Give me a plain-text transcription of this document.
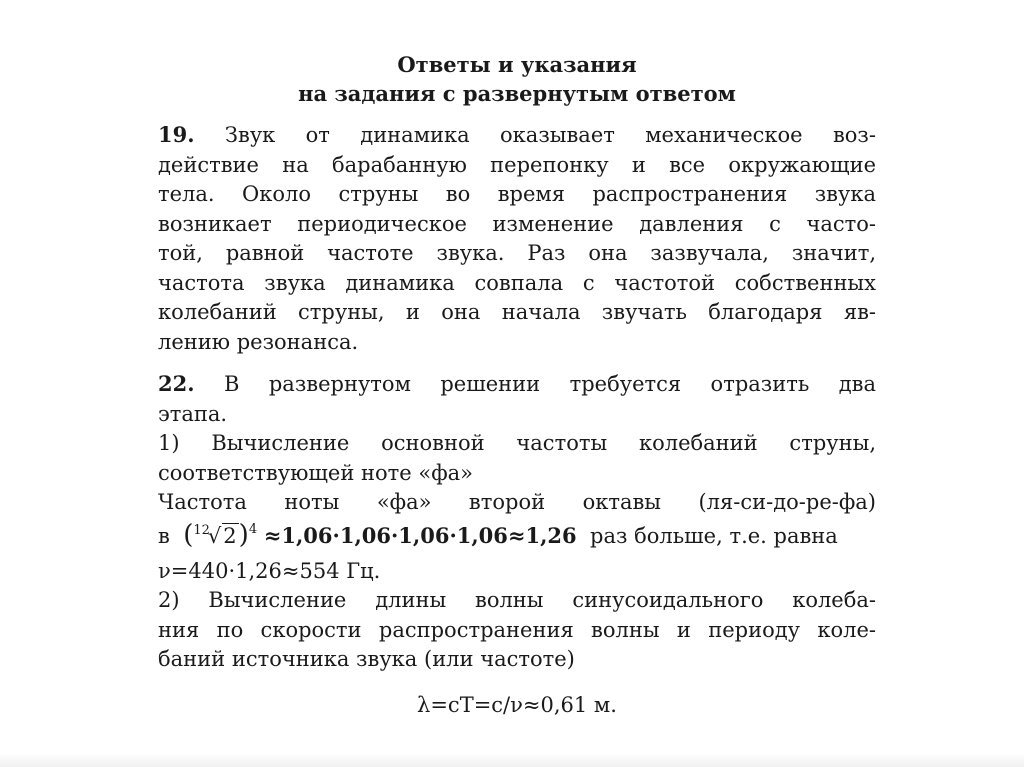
Ответы и указания
на задания с развернутым ответом
19. Звук от динамика оказывает механическое воз-
действие на барабанную перепонку и все окружающие
тела. Около струны во время распространения звука
возникает периодическое изменение давления с часто-
той, равной частоте звука. Раз она зазвучала, значит,
частота звука динамика совпала с частотой собственных
колебаний струны, и она начала звучать благодаря яв-
лению резонанса.
22. В развернутом решении требуется отразить два
этапа.
1) Вычисление основной частоты колебаний струны,
соответствующей ноте «фа»
Частота ноты «фа» второй октавы (ля-си-до-ре-фа)
в $(^{12}√2)^4 \approx 1,06\cdot 1,06\cdot 1,06\cdot 1,06\approx 1,26$ раз больше, т.е. равна
ν=440·1,26≈554 Гц.
2) Вычисление длины волны синусоидального колеба-
ния по скорости распространения волны и периоду коле-
баний источника звука (или частоте)
λ=cT=c/ν≈0,61 м.
